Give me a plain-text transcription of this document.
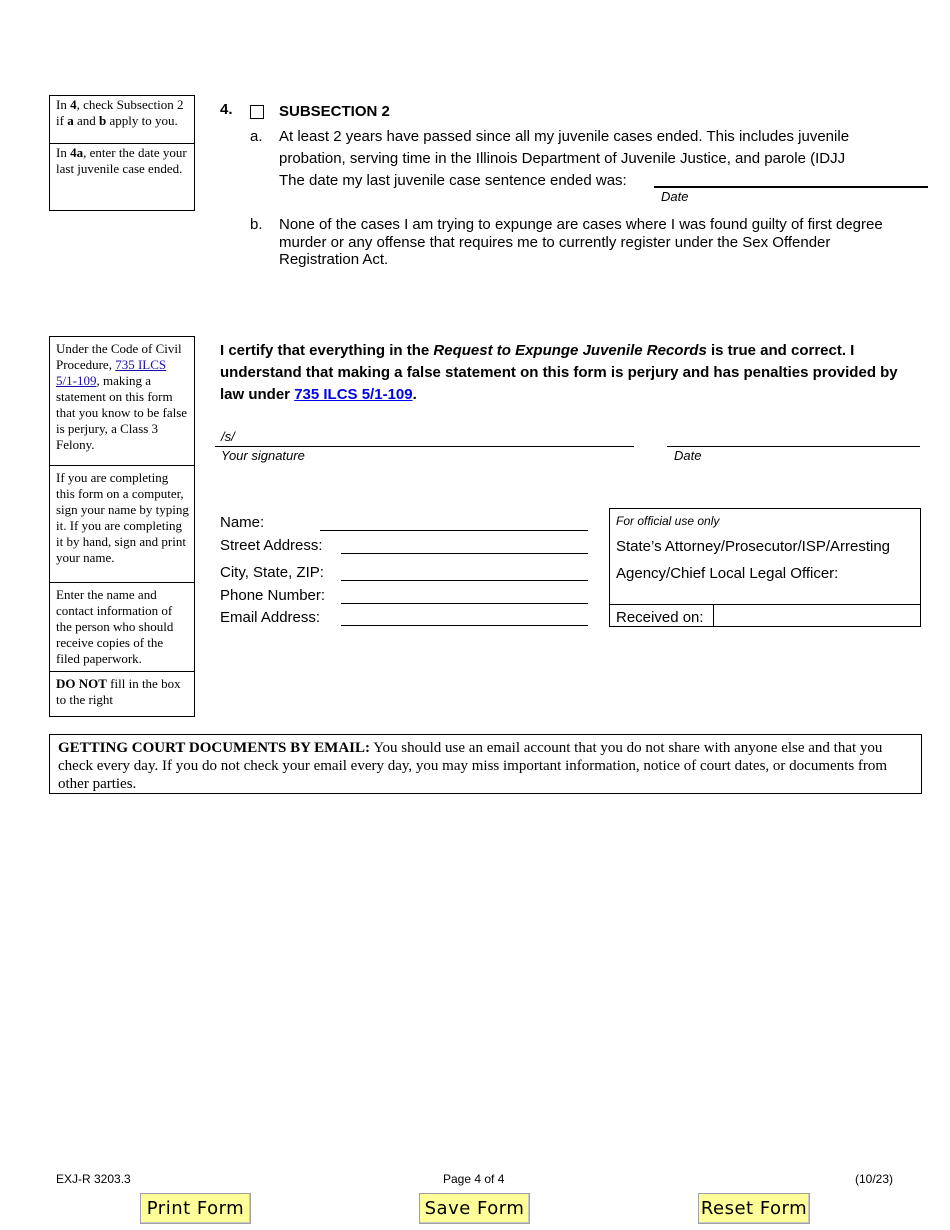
In 4, check Subsection 2 if a and b apply to you.
In 4a, enter the date your last juvenile case ended.
Under the Code of Civil Procedure, 735 ILCS 5/1-109, making a statement on this form that you know to be false is perjury, a Class 3 Felony.
If you are completing this form on a computer, sign your name by typing it. If you are completing it by hand, sign and print your name.
Enter the name and contact information of the person who should receive copies of the filed paperwork.
DO NOT fill in the box to the right
4.	SUBSECTION 2
a. At least 2 years have passed since all my juvenile cases ended. This includes juvenile
probation, serving time in the Illinois Department of Juvenile Justice, and parole (IDJJ
The date my last juvenile case sentence ended was:
Date
b. None of the cases I am trying to expunge are cases where I was found guilty of first degree murder or any offense that requires me to currently register under the Sex Offender Registration Act.
I certify that everything in the Request to Expunge Juvenile Records is true and correct. I understand that making a false statement on this form is perjury and has penalties provided by law under 735 ILCS 5/1-109.
/s/
Your signature	Date
Name:
Street Address:
City, State, ZIP:
Phone Number:
Email Address:
For official use only
State’s Attorney/Prosecutor/ISP/Arresting
Agency/Chief Local Legal Officer:
Received on:
GETTING COURT DOCUMENTS BY EMAIL: You should use an email account that you do not share with anyone else and that you check every day. If you do not check your email every day, you may miss important information, notice of court dates, or documents from other parties.
EXJ-R 3203.3	Page 4 of 4	(10/23)
Print Form	Save Form	Reset Form
